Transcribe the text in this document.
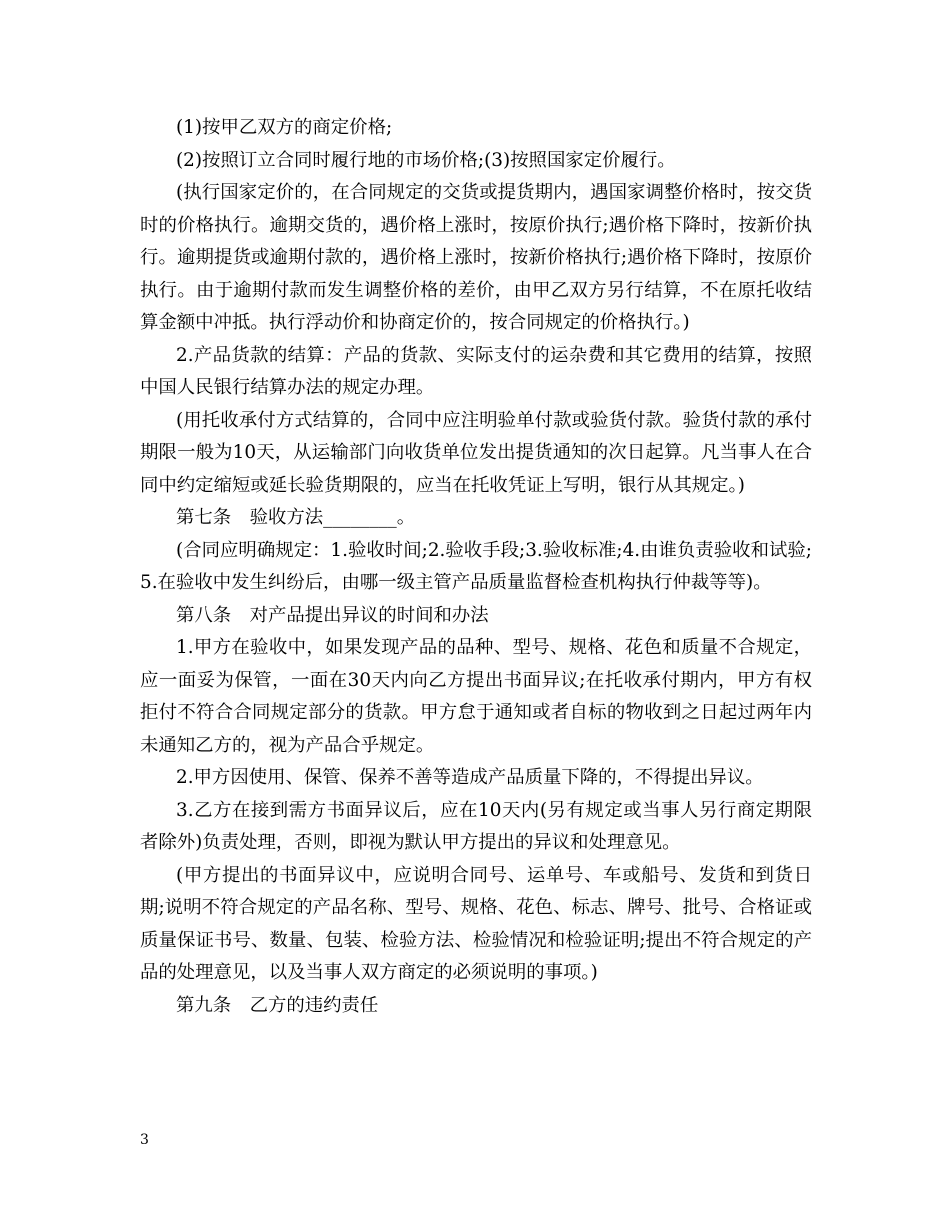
(1)按甲乙双方的商定价格;

(2)按照订立合同时履行地的市场价格;(3)按照国家定价履行。

(执行国家定价的，在合同规定的交货或提货期内，遇国家调整价格时，按交货时的价格执行。逾期交货的，遇价格上涨时，按原价执行;遇价格下降时，按新价执行。逾期提货或逾期付款的，遇价格上涨时，按新价格执行;遇价格下降时，按原价执行。由于逾期付款而发生调整价格的差价，由甲乙双方另行结算，不在原托收结算金额中冲抵。执行浮动价和协商定价的，按合同规定的价格执行。)

2.产品货款的结算：产品的货款、实际支付的运杂费和其它费用的结算，按照中国人民银行结算办法的规定办理。

(用托收承付方式结算的，合同中应注明验单付款或验货付款。验货付款的承付期限一般为10天，从运输部门向收货单位发出提货通知的次日起算。凡当事人在合同中约定缩短或延长验货期限的，应当在托收凭证上写明，银行从其规定。)

第七条　验收方法________。

(合同应明确规定：1.验收时间;2.验收手段;3.验收标准;4.由谁负责验收和试验;5.在验收中发生纠纷后，由哪一级主管产品质量监督检查机构执行仲裁等等)。

第八条　对产品提出异议的时间和办法

1.甲方在验收中，如果发现产品的品种、型号、规格、花色和质量不合规定，应一面妥为保管，一面在30天内向乙方提出书面异议;在托收承付期内，甲方有权拒付不符合合同规定部分的货款。甲方怠于通知或者自标的物收到之日起过两年内未通知乙方的，视为产品合乎规定。

2.甲方因使用、保管、保养不善等造成产品质量下降的，不得提出异议。

3.乙方在接到需方书面异议后，应在10天内(另有规定或当事人另行商定期限者除外)负责处理，否则，即视为默认甲方提出的异议和处理意见。

(甲方提出的书面异议中，应说明合同号、运单号、车或船号、发货和到货日期;说明不符合规定的产品名称、型号、规格、花色、标志、牌号、批号、合格证或质量保证书号、数量、包装、检验方法、检验情况和检验证明;提出不符合规定的产品的处理意见，以及当事人双方商定的必须说明的事项。)

第九条　乙方的违约责任

3
